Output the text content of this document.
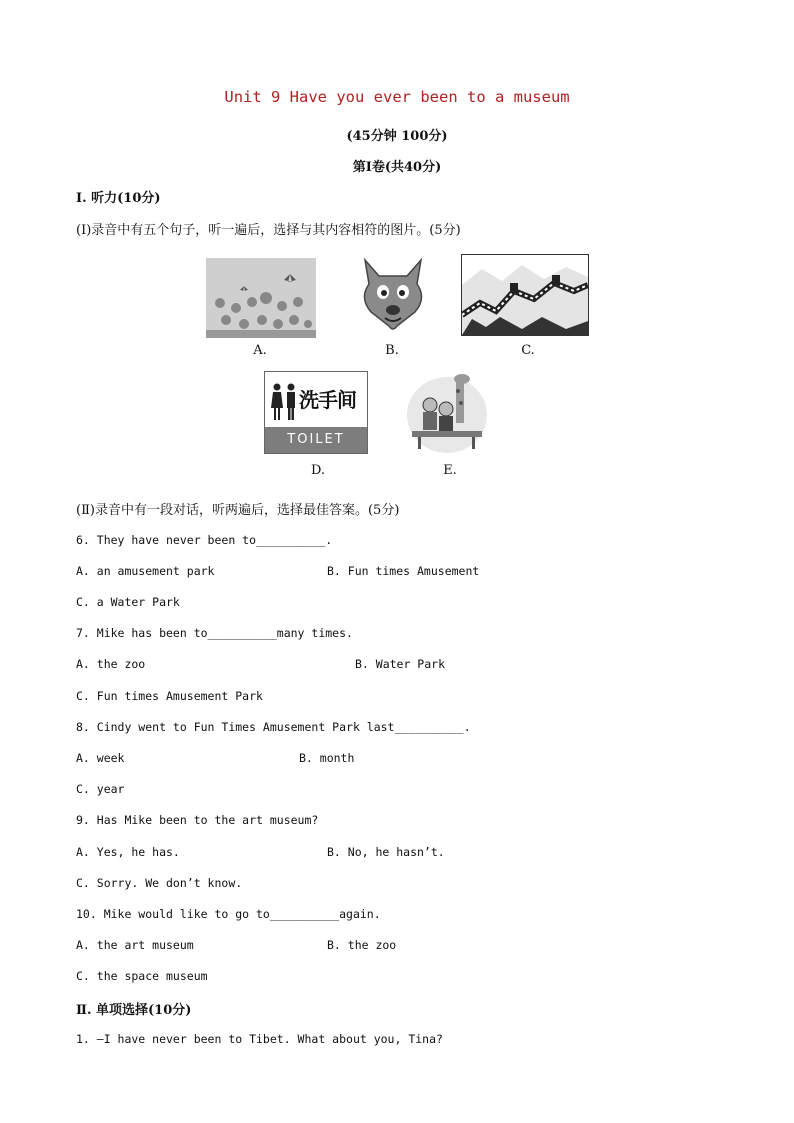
Unit 9 Have you ever been to a museum
(45分钟 100分)
第Ⅰ卷(共40分)
Ⅰ. 听力(10分)
(Ⅰ)录音中有五个句子，听一遍后，选择与其内容相符的图片。(5分)
A.	B.	C.
洗手间
TOILET
D.	E.
(Ⅱ)录音中有一段对话，听两遍后，选择最佳答案。(5分)
6. They have never been to__________.
A. an amusement park	B. Fun times Amusement
C. a Water Park
7. Mike has been to__________many times.
A. the zoo	B. Water Park
C. Fun times Amusement Park
8. Cindy went to Fun Times Amusement Park last__________.
A. week	B. month
C. year
9. Has Mike been to the art museum?
A. Yes, he has.	B. No, he hasn’t.
C. Sorry. We don’t know.
10. Mike would like to go to__________again.
A. the art museum	B. the zoo
C. the space museum
Ⅱ. 单项选择(10分)
1. —I have never been to Tibet. What about you, Tina?
